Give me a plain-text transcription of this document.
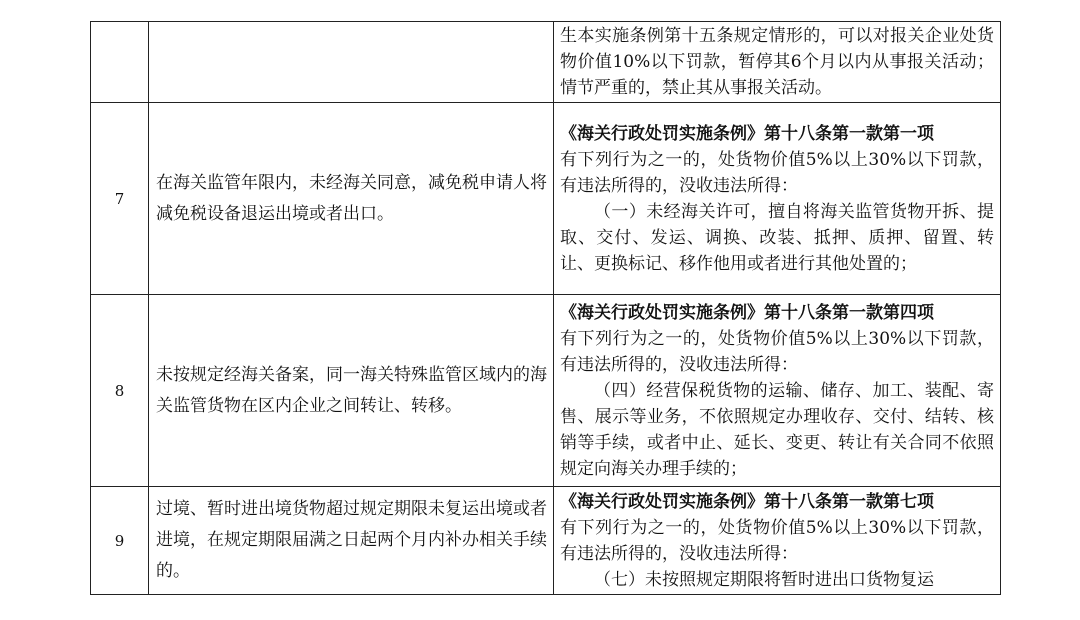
		生本实施条例第十五条规定情形的，可以对报关企业处货物价值10%以下罚款，暂停其6个月以内从事报关活动；情节严重的，禁止其从事报关活动。

7	在海关监管年限内，未经海关同意，减免税申请人将减免税设备退运出境或者出口。	《海关行政处罚实施条例》第十八条第一款第一项
有下列行为之一的，处货物价值5%以上30%以下罚款，有违法所得的，没收违法所得：
（一）未经海关许可，擅自将海关监管货物开拆、提取、交付、发运、调换、改装、抵押、质押、留置、转让、更换标记、移作他用或者进行其他处置的；

8	未按规定经海关备案，同一海关特殊监管区域内的海关监管货物在区内企业之间转让、转移。	《海关行政处罚实施条例》第十八条第一款第四项
有下列行为之一的，处货物价值5%以上30%以下罚款，有违法所得的，没收违法所得：
（四）经营保税货物的运输、储存、加工、装配、寄售、展示等业务，不依照规定办理收存、交付、结转、核销等手续，或者中止、延长、变更、转让有关合同不依照规定向海关办理手续的；

9	过境、暂时进出境货物超过规定期限未复运出境或者进境，在规定期限届满之日起两个月内补办相关手续的。	《海关行政处罚实施条例》第十八条第一款第七项
有下列行为之一的，处货物价值5%以上30%以下罚款，有违法所得的，没收违法所得：
（七）未按照规定期限将暂时进出口货物复运
